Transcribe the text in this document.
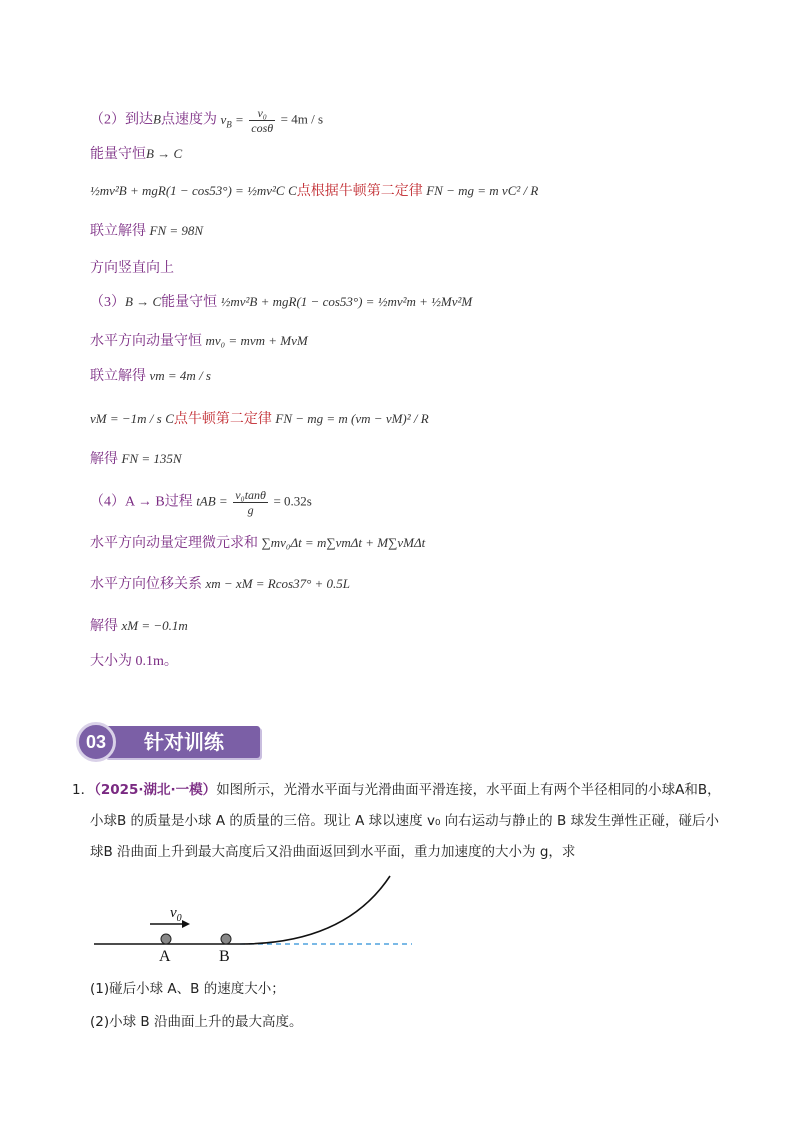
（2）到达B点速度为 $v_B = \frac{\text{v₀}}{\cos\theta} = 4m / s$
能量守恒B → C
½mv²B + mgR(1 − cos53°) = ½mv²C C点根据牛顿第二定律 FN − mg = m vC² / R
联立解得 FN = 98N
方向竖直向上
（3）B → C能量守恒 ½mv²B + mgR(1 − cos53°) = ½mv²m + ½Mv²M
水平方向动量守恒 mv₀ = mvm + MvM
联立解得 vm = 4m / s
vM = −1m / s C点牛顿第二定律 FN − mg = m (vm − vM)² / R
解得 FN = 135N
（4）A → B过程 tAB = $\frac{\text{v₀tanθ}}{g} = 0.32s$
水平方向动量定理微元求和 ∑mv₀Δt = m∑vmΔt + M∑vMΔt
水平方向位移关系 xm − xM = Rcos37° + 0.5L
解得 xM = −0.1m
大小为 0.1m。
针对训练
03
1．（2025·湖北·一模）如图所示，光滑水平面与光滑曲面平滑连接，水平面上有两个半径相同的小球A和B，
小球B 的质量是小球 A 的质量的三倍。现让 A 球以速度 v₀ 向右运动与静止的 B 球发生弹性正碰，碰后小
球B 沿曲面上升到最大高度后又沿曲面返回到水平面，重力加速度的大小为 g，求
$v_0$
A	B
(1)碰后小球 A、B 的速度大小；
(2)小球 B 沿曲面上升的最大高度。
